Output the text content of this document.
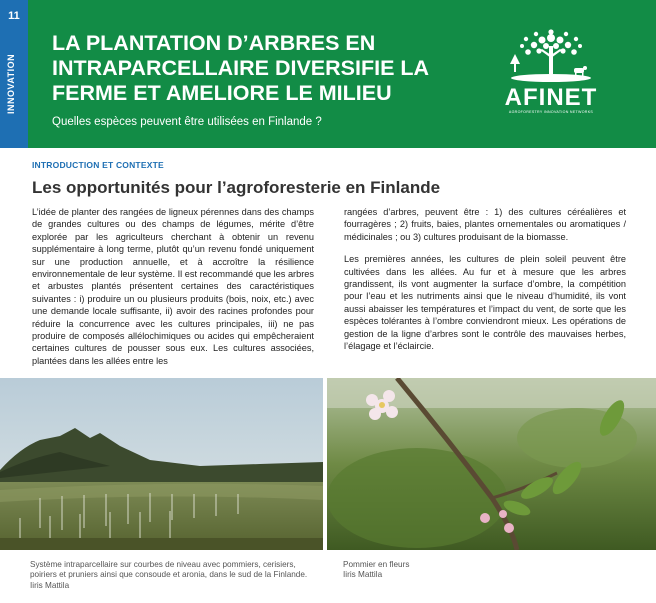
11
INNOVATION
LA PLANTATION D’ARBRES EN INTRAPARCELLAIRE DIVERSIFIE LA FERME ET AMELIORE LE MILIEU
Quelles espèces peuvent être utilisées en Finlande ?
AFINET
AGROFORESTRY INNOVATION NETWORKS
INTRODUCTION ET CONTEXTE
Les opportunités pour l’agroforesterie en Finlande

L’idée de planter des rangées de ligneux pérennes dans des champs de grandes cultures ou des champs de légumes, mérite d’être explorée par les agriculteurs cherchant à obtenir un revenu supplémentaire à long terme, plutôt qu’un revenu fondé uniquement sur une production annuelle, et à accroître la résilience environnementale de leur système. Il est recommandé que les arbres et arbustes plantés présentent certaines des caractéristiques suivantes : i) produire un ou plusieurs produits (bois, noix, etc.) avec une demande locale suffisante, ii) avoir des racines profondes pour réduire la concurrence avec les cultures principales, iii) ne pas produire de composés allélochimiques ou acides qui empêcheraient certaines cultures de pousser sous eux. Les cultures associées, plantées dans les allées entre les

rangées d’arbres, peuvent être : 1) des cultures céréalières et fourragères ; 2) fruits, baies, plantes ornementales ou aromatiques / médicinales ; ou 3) cultures produisant de la biomasse.

Les premières années, les cultures de plein soleil peuvent être cultivées dans les allées. Au fur et à mesure que les arbres grandissent, ils vont augmenter la surface d’ombre, la compétition pour l’eau et les nutriments ainsi que le niveau d’humidité, ils vont aussi abaisser les températures et l’impact du vent, de sorte que les espèces tolérantes à l’ombre conviendront mieux. Les opérations de gestion de la ligne d’arbres sont le contrôle des mauvaises herbes, l’élagage et l’éclaircie.

Système intraparcellaire sur courbes de niveau avec pommiers, cerisiers, poiriers et pruniers ainsi que consoude et aronia, dans le sud de la Finlande. Iiris Mattila
Pommier en fleurs
Iiris Mattila
